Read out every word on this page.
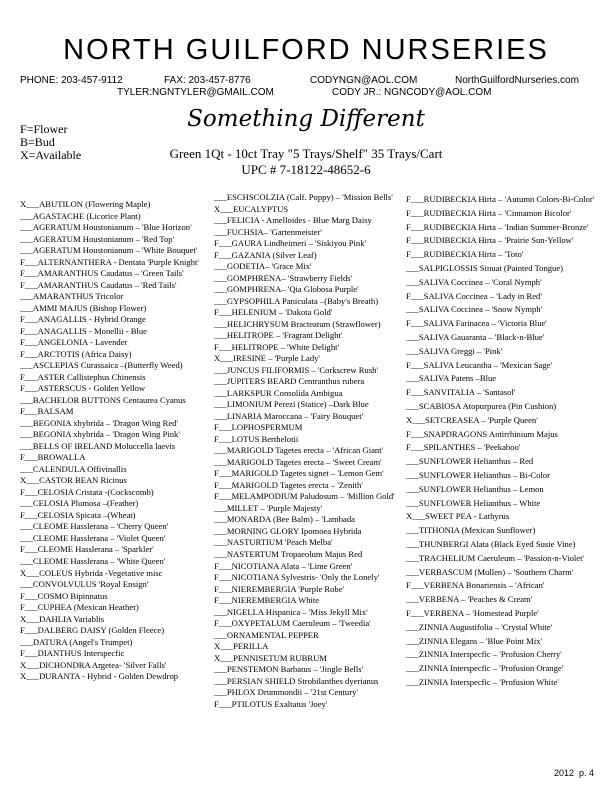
NORTH GUILFORD NURSERIES
PHONE: 203-457-9112	FAX: 203-457-8776	CODYNGN@AOL.COM	NorthGuilfordNurseries.com
TYLER:NGNTYLER@GMAIL.COM	CODY JR.: NGNCODY@AOL.COM
Something Different
F=Flower
B=Bud
X=Available	Green 1Qt - 10ct Tray "5 Trays/Shelf" 35 Trays/Cart
UPC # 7-18122-48652-6
X___ABUTILON (Flowering Maple)
___AGASTACHE (Licorice Plant)
___AGERATUM Houstonianum – 'Blue Horizon'
___AGERATUM Houstonianum – 'Red Top'
___AGERATUM Houstonianum – 'White Bouquet'
F___ALTERNANTHERA - Dentata 'Purple Knight'
F___AMARANTHUS Caudatus – 'Green Tails'
F___AMARANTHUS Caudatus – 'Red Tails'
___AMARANTHUS Tricolor
___AMMI MAJUS (Bishop Flower)
F___ANAGALLIS - Hybrid Orange
F___ANAGALLIS - Monellii - Blue
F___ANGELONIA - Lavender
F___ARCTOTIS (Africa Daisy)
___ASCLEPIAS Curassaica –(Butterfly Weed)
F___ASTER Callistephus Chinensis
F___ASTERSCUS - Golden Yellow
___BACHELOR BUTTONS Centaurea Cyanus
F___BALSAM
___BEGONIA xhybrida – 'Dragon Wing Red'
___BEGONIA xhybrida – 'Dragon Wing Pink'
___BELLS OF IRELAND Moluccella laevis
F___BROWALLA
___CALENDULA Offivinallis
X___CASTOR BEAN Ricinus
F___CELOSIA Cristata -(Cockscomb)
___CELOSIA Plumosa –(Feather)
F___CELOSIA Spicata –(Wheat)
___CLEOME Hasslerana – 'Cherry Queen'
___CLEOME Hasslerana – 'Violet Queen'
F___CLEOME Hasslerana – 'Sparkler'
___CLEOME Hasslerana – 'White Queen'
X___COLEUS Hybrida -Vegetative misc
___CONVOLVULUS 'Royal Ensign'
F___COSMO Bipinnatus
F___CUPHEA (Mexican Heather)
X___DAHLIA Variablis
F___DALBERG DAISY (Golden Fleece)
___DATURA (Angel's Trumpet)
F___DIANTHUS Interspecfic
X___DICHONDRA Argetea- 'Silver Falls'
X___DURANTA - Hybrid - Golden Dewdrop
___ESCHSCOLZIA (Calf. Poppy) – 'Mission Bells'
X___EUCALYPTUS
___FELICIA - Amelloides - Blue Marg Daisy
___FUCHSIA– 'Gartenmeister'
F___GAURA Lindheimeri – 'Siskiyou Pink'
F___GAZANIA (Silver Leaf)
___GODETIA– 'Grace Mix'
___GOMPHRENA– 'Strawberry Fields'
___GOMPHRENA– 'Qia Globosa Purple'
___GYPSOPHILA Paniculata –(Baby's Breath)
F___HELENIUM – 'Dakota Gold'
___HELICHRYSUM Bracteatum (Strawflower)
___HELITROPE – 'Fragrant Delight'
F___HELITROPE – 'White Delight'
X___IRESINE – 'Purple Lady'
___JUNCUS FILIFORMIS – 'Corkscrew Rush'
___JUPITERS BEARD Centranthus rubera
___LARKSPUR Consolida Ambigua
___LIMONIUM Perezi (Statice) –Dark Blue
___LINARIA Maroccana – 'Fairy Bouquet'
F___LOPHOSPERMUM
F___LOTUS Berthelotii
___MARIGOLD Tagetes erecta – 'African Giant'
___MARIGOLD Tagetes erecta – 'Sweet Cream'
F___MARIGOLD Tagetes signet – 'Lemon Gem'
F___MARIGOLD Tagetes erecta – 'Zenith'
F___MELAMPODIUM Paludosum – 'Million Gold'
___MILLET – 'Purple Majesty'
___MONARDA (Bee Balm) – 'Lambada
___MORNING GLORY Ipomoea Hybrida
___NASTURTIUM 'Peach Melba'
___NASTERTUM Tropaeolum Majus Red
F___NICOTIANA Alata – 'Lime Green'
F___NICOTIANA Sylvestris- 'Only the Lonely'
F___NIEREMBERGIA 'Purple Robe'
F___NIEREMBERGIA White
___NIGELLA Hispanica – 'Miss Jekyll Mix'
F___OXYPETALUM Caeruleum – 'Tweedia'
___ORNAMENTAL PEPPER
X___PERILLA
X___PENNISETUM RUBRUM
___PENSTEMON Barbatus – 'Jingle Bells'
___PERSIAN SHIELD Strobilanthes dyerianus
___PHLOX Drummondii – '21st Century'
F___PTILOTUS Exaltatus 'Joey'
F___RUDIBECKIA Hirta – 'Autumn Colors-Bi-Color'
F___RUDIBECKIA Hirta – 'Cinnamon Bicolor'
F___RUDIBECKIA Hirta – 'Indian Summer-Bronze'
F___RUDIBECKIA Hirta – 'Prairie Sun-Yellow'
F___RUDIBECKIA Hirta – 'Toto'
___SALPIGLOSSIS Sinuat (Painted Tongue)
___SALIVA Coccinea – 'Coral Nymph'
F___SALIVA Coccinea – 'Lady in Red'
___SALIVA Coccinea – 'Snow Nymph'
F___SALIVA Farinacea – 'Victoria Blue'
___SALIVA Gauaranta – 'Black-n-Blue'
___SALIVA Greggi – 'Pink'
F___SALIVA Leucantha – 'Mexican Sage'
___SALIVA Patens –Blue
F___SANVITALIA – 'Santasol'
___SCABIOSA Atopurpurea (Pin Cushion)
X___SETCREASEA – 'Purple Queen'
F___SNAPDRAGONS Antirrhinium Majus
F___SPILANTHES – 'Peekaboo'
___SUNFLOWER Helianthus – Red
___SUNFLOWER Helianthus – Bi-Color
___SUNFLOWER Helianthus – Lemon
___SUNFLOWER Helianthus – White
X___SWEET PEA - Lathyrus
___TITHONIA (Mexican Sunflower)
___THUNBERGI Alata (Black Eyed Susie Vine)
___TRACHELIUM Caeruleum – 'Passion-n-Violet'
___VERBASCUM (Mullen) – 'Southern Charm'
F___VERBENA Bonariensis – 'African'
___VERBENA – 'Peaches & Cream'
F___VERBENA – 'Homestead Purple'
___ZINNIA Augustifolia – 'Crystal White'
___ZINNIA Elegans – 'Blue Point Mix'
___ZINNIA Interspecfic – 'Profusion Cherry'
___ZINNIA Interspecfic – 'Profusion Orange'
___ZINNIA Interspecfic – 'Profusion White'
2012 p. 4
